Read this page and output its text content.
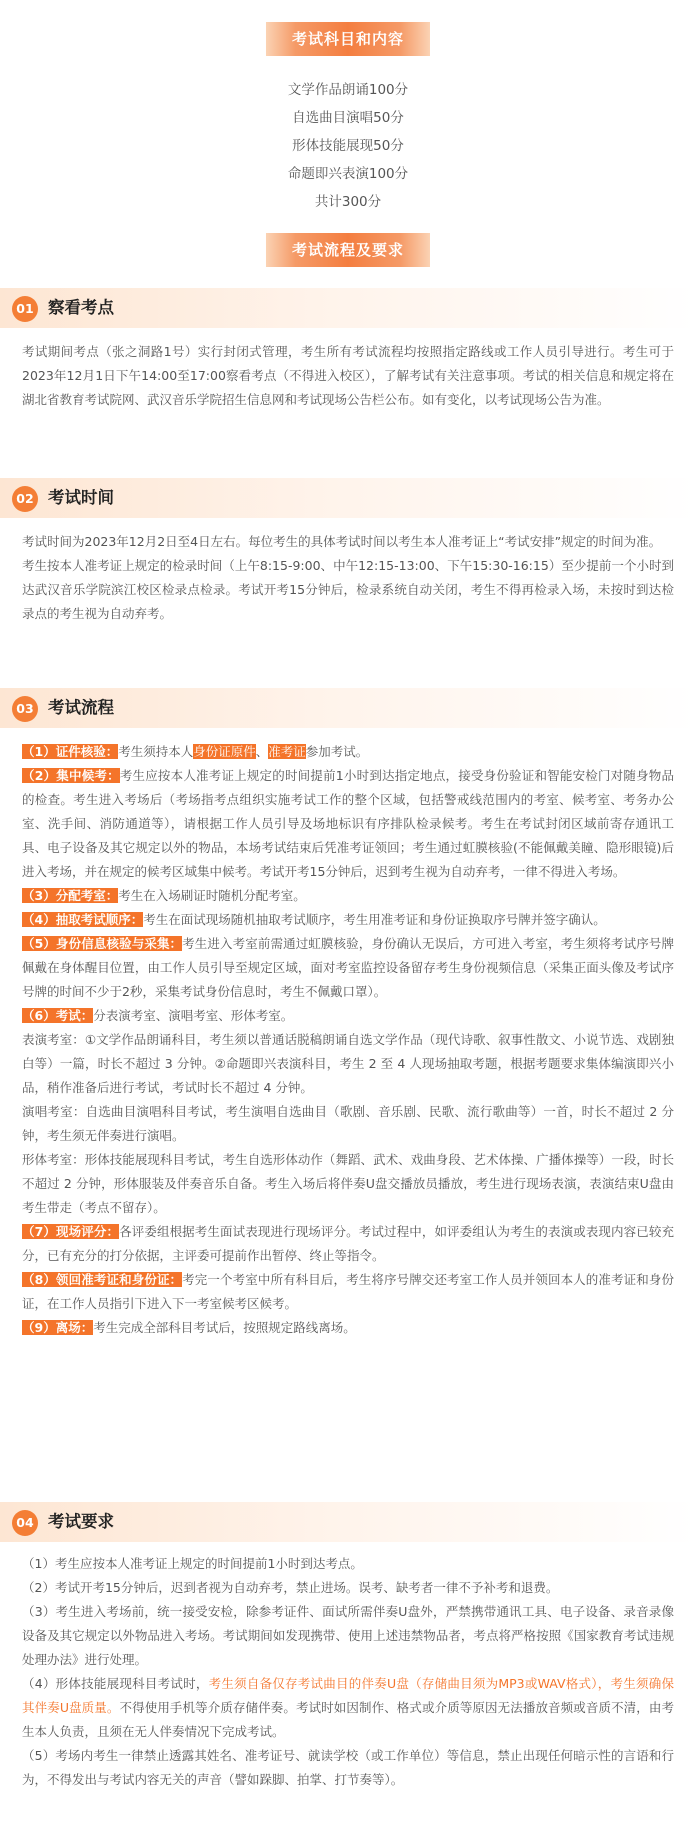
考试科目和内容
文学作品朗诵100分
自选曲目演唱50分
形体技能展现50分
命题即兴表演100分
共计300分
考试流程及要求
01 察看考点

考试期间考点（张之洞路1号）实行封闭式管理，考生所有考试流程均按照指定路线或工作人员引导进行。考生可于2023年12月1日下午14:00至17:00察看考点（不得进入校区），了解考试有关注意事项。考试的相关信息和规定将在湖北省教育考试院网、武汉音乐学院招生信息网和考试现场公告栏公布。如有变化，以考试现场公告为准。

02 考试时间

考试时间为2023年12月2日至4日左右。每位考生的具体考试时间以考生本人准考证上“考试安排”规定的时间为准。

考生按本人准考证上规定的检录时间（上午8:15-9:00、中午12:15-13:00、下午15:30-16:15）至少提前一个小时到达武汉音乐学院滨江校区检录点检录。考试开考15分钟后，检录系统自动关闭，考生不得再检录入场，未按时到达检录点的考生视为自动弃考。

03 考试流程

（1）证件核验：考生须持本人身份证原件、准考证参加考试。

（2）集中候考：考生应按本人准考证上规定的时间提前1小时到达指定地点，接受身份验证和智能安检门对随身物品的检查。考生进入考场后（考场指考点组织实施考试工作的整个区域，包括警戒线范围内的考室、候考室、考务办公室、洗手间、消防通道等），请根据工作人员引导及场地标识有序排队检录候考。考生在考试封闭区域前寄存通讯工具、电子设备及其它规定以外的物品，本场考试结束后凭准考证领回；考生通过虹膜核验(不能佩戴美瞳、隐形眼镜)后进入考场，并在规定的候考区域集中候考。考试开考15分钟后，迟到考生视为自动弃考，一律不得进入考场。

（3）分配考室：考生在入场刷证时随机分配考室。

（4）抽取考试顺序：考生在面试现场随机抽取考试顺序，考生用准考证和身份证换取序号牌并签字确认。

（5）身份信息核验与采集：考生进入考室前需通过虹膜核验，身份确认无误后，方可进入考室，考生须将考试序号牌佩戴在身体醒目位置，由工作人员引导至规定区域，面对考室监控设备留存考生身份视频信息（采集正面头像及考试序号牌的时间不少于2秒，采集考试身份信息时，考生不佩戴口罩）。

（6）考试：分表演考室、演唱考室、形体考室。

表演考室：①文学作品朗诵科目，考生须以普通话脱稿朗诵自选文学作品（现代诗歌、叙事性散文、小说节选、戏剧独白等）一篇，时长不超过 3 分钟。②命题即兴表演科目，考生 2 至 4 人现场抽取考题，根据考题要求集体编演即兴小品，稍作准备后进行考试，考试时长不超过 4 分钟。

演唱考室：自选曲目演唱科目考试，考生演唱自选曲目（歌剧、音乐剧、民歌、流行歌曲等）一首，时长不超过 2 分钟，考生须无伴奏进行演唱。

形体考室：形体技能展现科目考试，考生自选形体动作（舞蹈、武术、戏曲身段、艺术体操、广播体操等）一段，时长不超过 2 分钟，形体服装及伴奏音乐自备。考生入场后将伴奏U盘交播放员播放，考生进行现场表演，表演结束U盘由考生带走（考点不留存）。

（7）现场评分：各评委组根据考生面试表现进行现场评分。考试过程中，如评委组认为考生的表演或表现内容已较充分，已有充分的打分依据，主评委可提前作出暂停、终止等指令。

（8）领回准考证和身份证：考完一个考室中所有科目后，考生将序号牌交还考室工作人员并领回本人的准考证和身份证，在工作人员指引下进入下一考室候考区候考。

（9）离场：考生完成全部科目考试后，按照规定路线离场。

04 考试要求

（1）考生应按本人准考证上规定的时间提前1小时到达考点。

（2）考试开考15分钟后，迟到者视为自动弃考，禁止进场。误考、缺考者一律不予补考和退费。

（3）考生进入考场前，统一接受安检，除参考证件、面试所需伴奏U盘外，严禁携带通讯工具、电子设备、录音录像设备及其它规定以外物品进入考场。考试期间如发现携带、使用上述违禁物品者，考点将严格按照《国家教育考试违规处理办法》进行处理。

（4）形体技能展现科目考试时，考生须自备仅存考试曲目的伴奏U盘（存储曲目须为MP3或WAV格式），考生须确保其伴奏U盘质量。不得使用手机等介质存储伴奏。考试时如因制作、格式或介质等原因无法播放音频或音质不清，由考生本人负责，且须在无人伴奏情况下完成考试。

（5）考场内考生一律禁止透露其姓名、准考证号、就读学校（或工作单位）等信息，禁止出现任何暗示性的言语和行为，不得发出与考试内容无关的声音（譬如跺脚、拍掌、打节奏等）。
